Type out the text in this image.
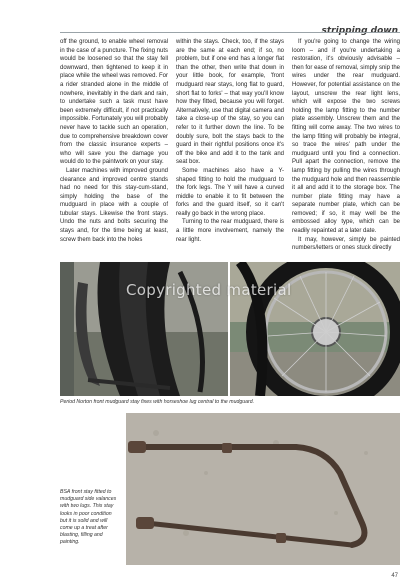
stripping down

off the ground, to enable wheel removal in the case of a puncture. The fixing nuts would be loosened so that the stay fell downward, then tightened to keep it in place while the wheel was removed. For a rider stranded alone in the middle of nowhere, inevitably in the dark and rain, to undertake such a task must have been extremely difficult, if not practically impossible. Fortunately you will probably never have to tackle such an operation, due to comprehensive breakdown cover from the classic insurance experts – who will save you the damage you would do to the paintwork on your stay.

Later machines with improved ground clearance and improved centre stands had no need for this stay-cum-stand, simply holding the base of the mudguard in place with a couple of tubular stays. Likewise the front stays. Undo the nuts and bolts securing the stays and, for the time being at least, screw them back into the holes

within the stays. Check, too, if the stays are the same at each end; if so, no problem, but if one end has a longer flat than the other, then write that down in your little book, for example, 'front mudguard rear stays, long flat to guard, short flat to forks' – that way you'll know how they fitted, because you will forget. Alternatively, use that digital camera and take a close-up of the stay, so you can refer to it further down the line. To be doubly sure, bolt the stays back to the guard in their rightful positions once it's off the bike and add it to the tank and seat box.

Some machines also have a Y-shaped fitting to hold the mudguard to the fork legs. The Y will have a curved middle to enable it to fit between the forks and the guard itself, so it can't really go back in the wrong place.

Turning to the rear mudguard, there is a little more involvement, namely the rear light.

If you're going to change the wiring loom – and if you're undertaking a restoration, it's obviously advisable – then for ease of removal, simply snip the wires under the rear mudguard. However, for potential assistance on the layout, unscrew the rear light lens, which will expose the two screws holding the lamp fitting to the number plate assembly. Unscrew them and the fitting will come away. The two wires to the lamp fitting will probably be integral, so trace the wires' path under the mudguard until you find a connection. Pull apart the connection, remove the lamp fitting by pulling the wires through the mudguard hole and then reassemble it all and add it to the storage box. The number plate fitting may have a separate number plate, which can be removed; if so, it may well be the embossed alloy type, which can be readily repainted at a later date.

It may, however, simply be painted numbers/letters or ones stuck directly

Copyrighted material
Period Norton front mudguard stay fixes with horseshoe lug central to the mudguard.
BSA front stay fitted to mudguard side valances with two lugs. This stay looks in poor condition but it is solid and will come up a treat after blasting, filling and painting.
47
